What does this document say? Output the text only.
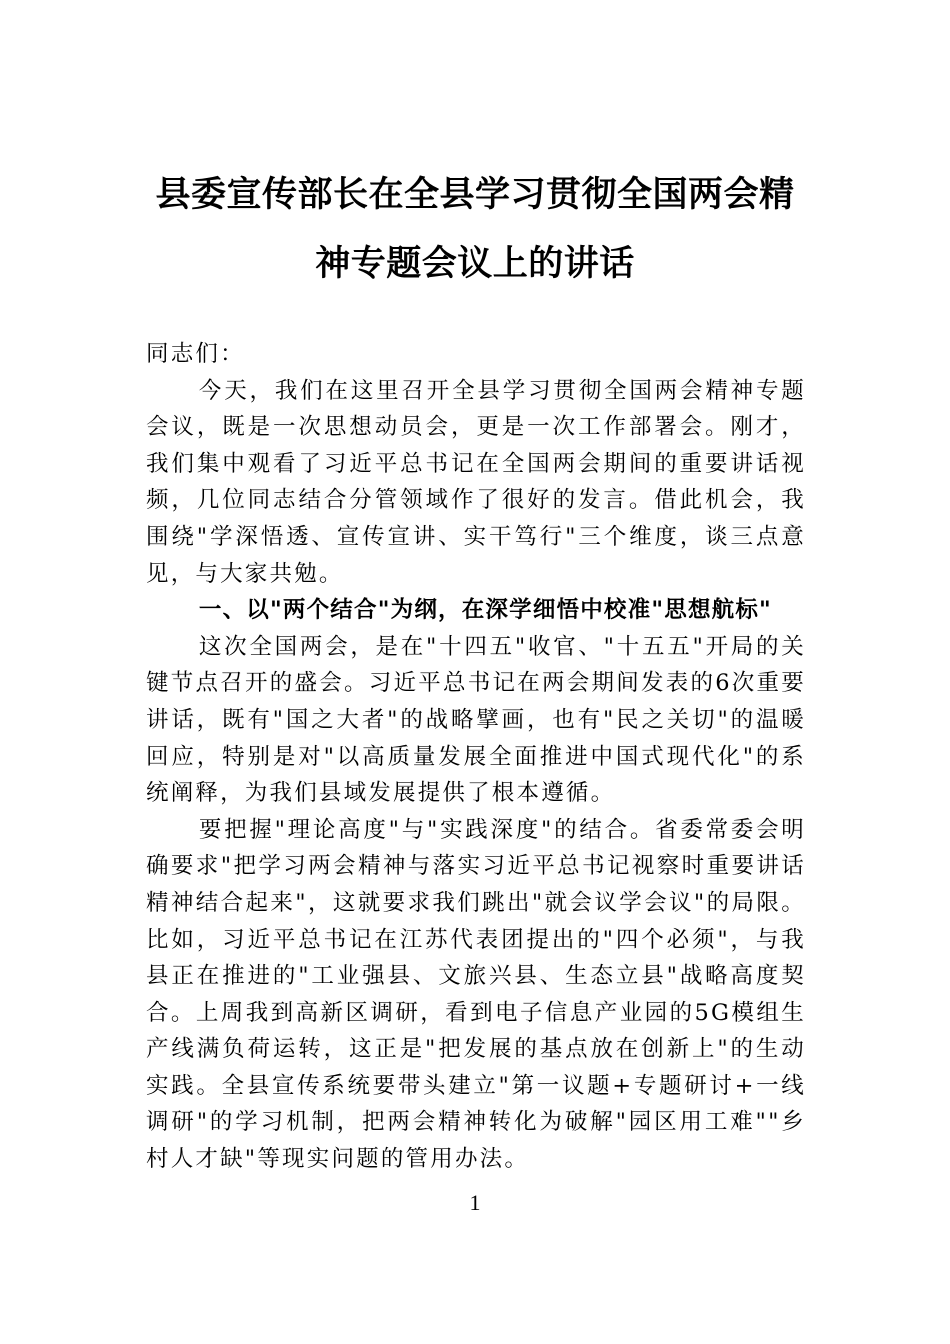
县委宣传部长在全县学习贯彻全国两会精神专题会议上的讲话

同志们：

今天，我们在这里召开全县学习贯彻全国两会精神专题会议，既是一次思想动员会，更是一次工作部署会。刚才，我们集中观看了习近平总书记在全国两会期间的重要讲话视频，几位同志结合分管领域作了很好的发言。借此机会，我围绕"学深悟透、宣传宣讲、实干笃行"三个维度，谈三点意见，与大家共勉。

一、以"两个结合"为纲，在深学细悟中校准"思想航标"

这次全国两会，是在"十四五"收官、"十五五"开局的关键节点召开的盛会。习近平总书记在两会期间发表的6次重要讲话，既有"国之大者"的战略擘画，也有"民之关切"的温暖回应，特别是对"以高质量发展全面推进中国式现代化"的系统阐释，为我们县域发展提供了根本遵循。

要把握"理论高度"与"实践深度"的结合。省委常委会明确要求"把学习两会精神与落实习近平总书记视察时重要讲话精神结合起来"，这就要求我们跳出"就会议学会议"的局限。比如，习近平总书记在江苏代表团提出的"四个必须"，与我县正在推进的"工业强县、文旅兴县、生态立县"战略高度契合。上周我到高新区调研，看到电子信息产业园的5G模组生产线满负荷运转，这正是"把发展的基点放在创新上"的生动实践。全县宣传系统要带头建立"第一议题+专题研讨+一线调研"的学习机制，把两会精神转化为破解"园区用工难""乡村人才缺"等现实问题的管用办法。

1
